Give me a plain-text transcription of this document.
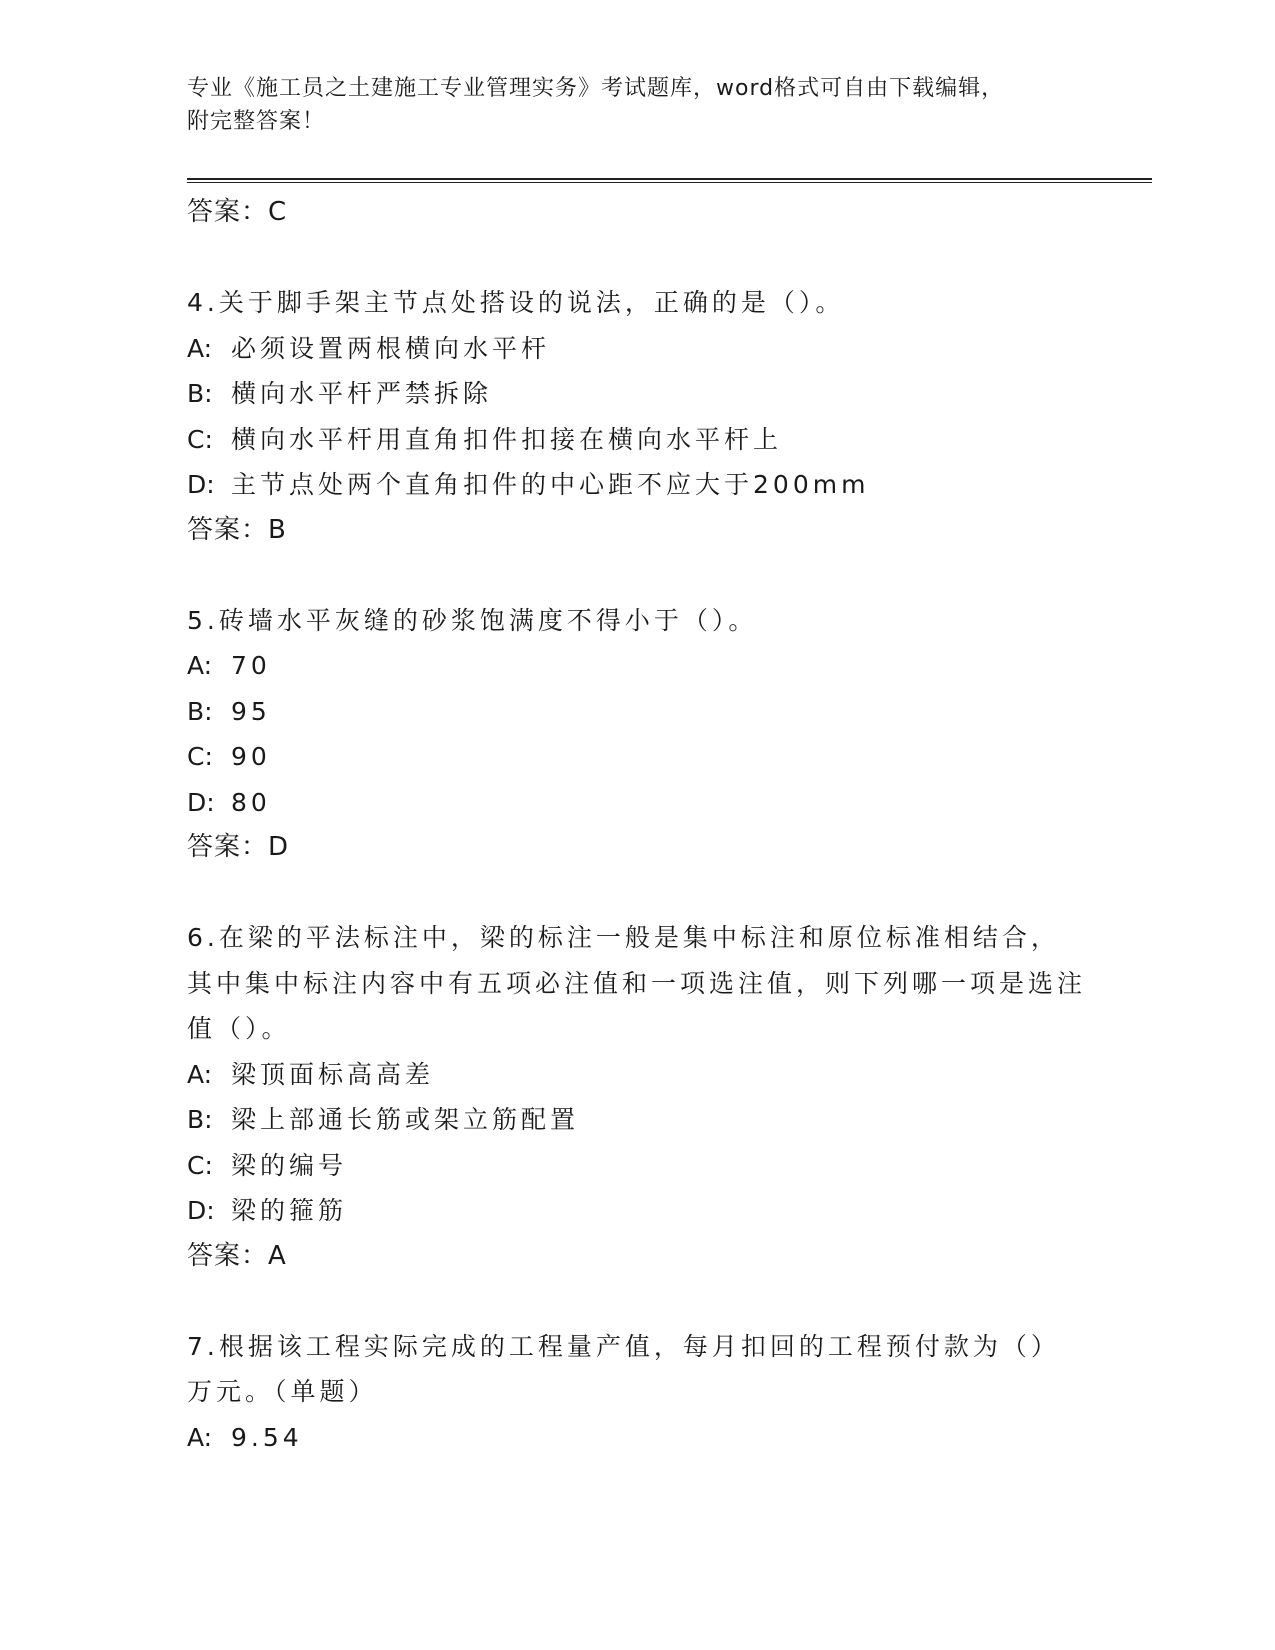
专业《施工员之土建施工专业管理实务》考试题库，word格式可自由下载编辑，
附完整答案！
答案：C
4.关于脚手架主节点处搭设的说法，正确的是（）。
A: 必须设置两根横向水平杆
B: 横向水平杆严禁拆除
C: 横向水平杆用直角扣件扣接在横向水平杆上
D: 主节点处两个直角扣件的中心距不应大于200mm
答案：B
5.砖墙水平灰缝的砂浆饱满度不得小于（）。
A: 70
B: 95
C: 90
D: 80
答案：D
6.在梁的平法标注中，梁的标注一般是集中标注和原位标准相结合，其中集中标注内容中有五项必注值和一项选注值，则下列哪一项是选注值（）。
A: 梁顶面标高高差
B: 梁上部通长筋或架立筋配置
C: 梁的编号
D: 梁的箍筋
答案：A
7.根据该工程实际完成的工程量产值，每月扣回的工程预付款为（）万元。（单题）
A: 9.54
